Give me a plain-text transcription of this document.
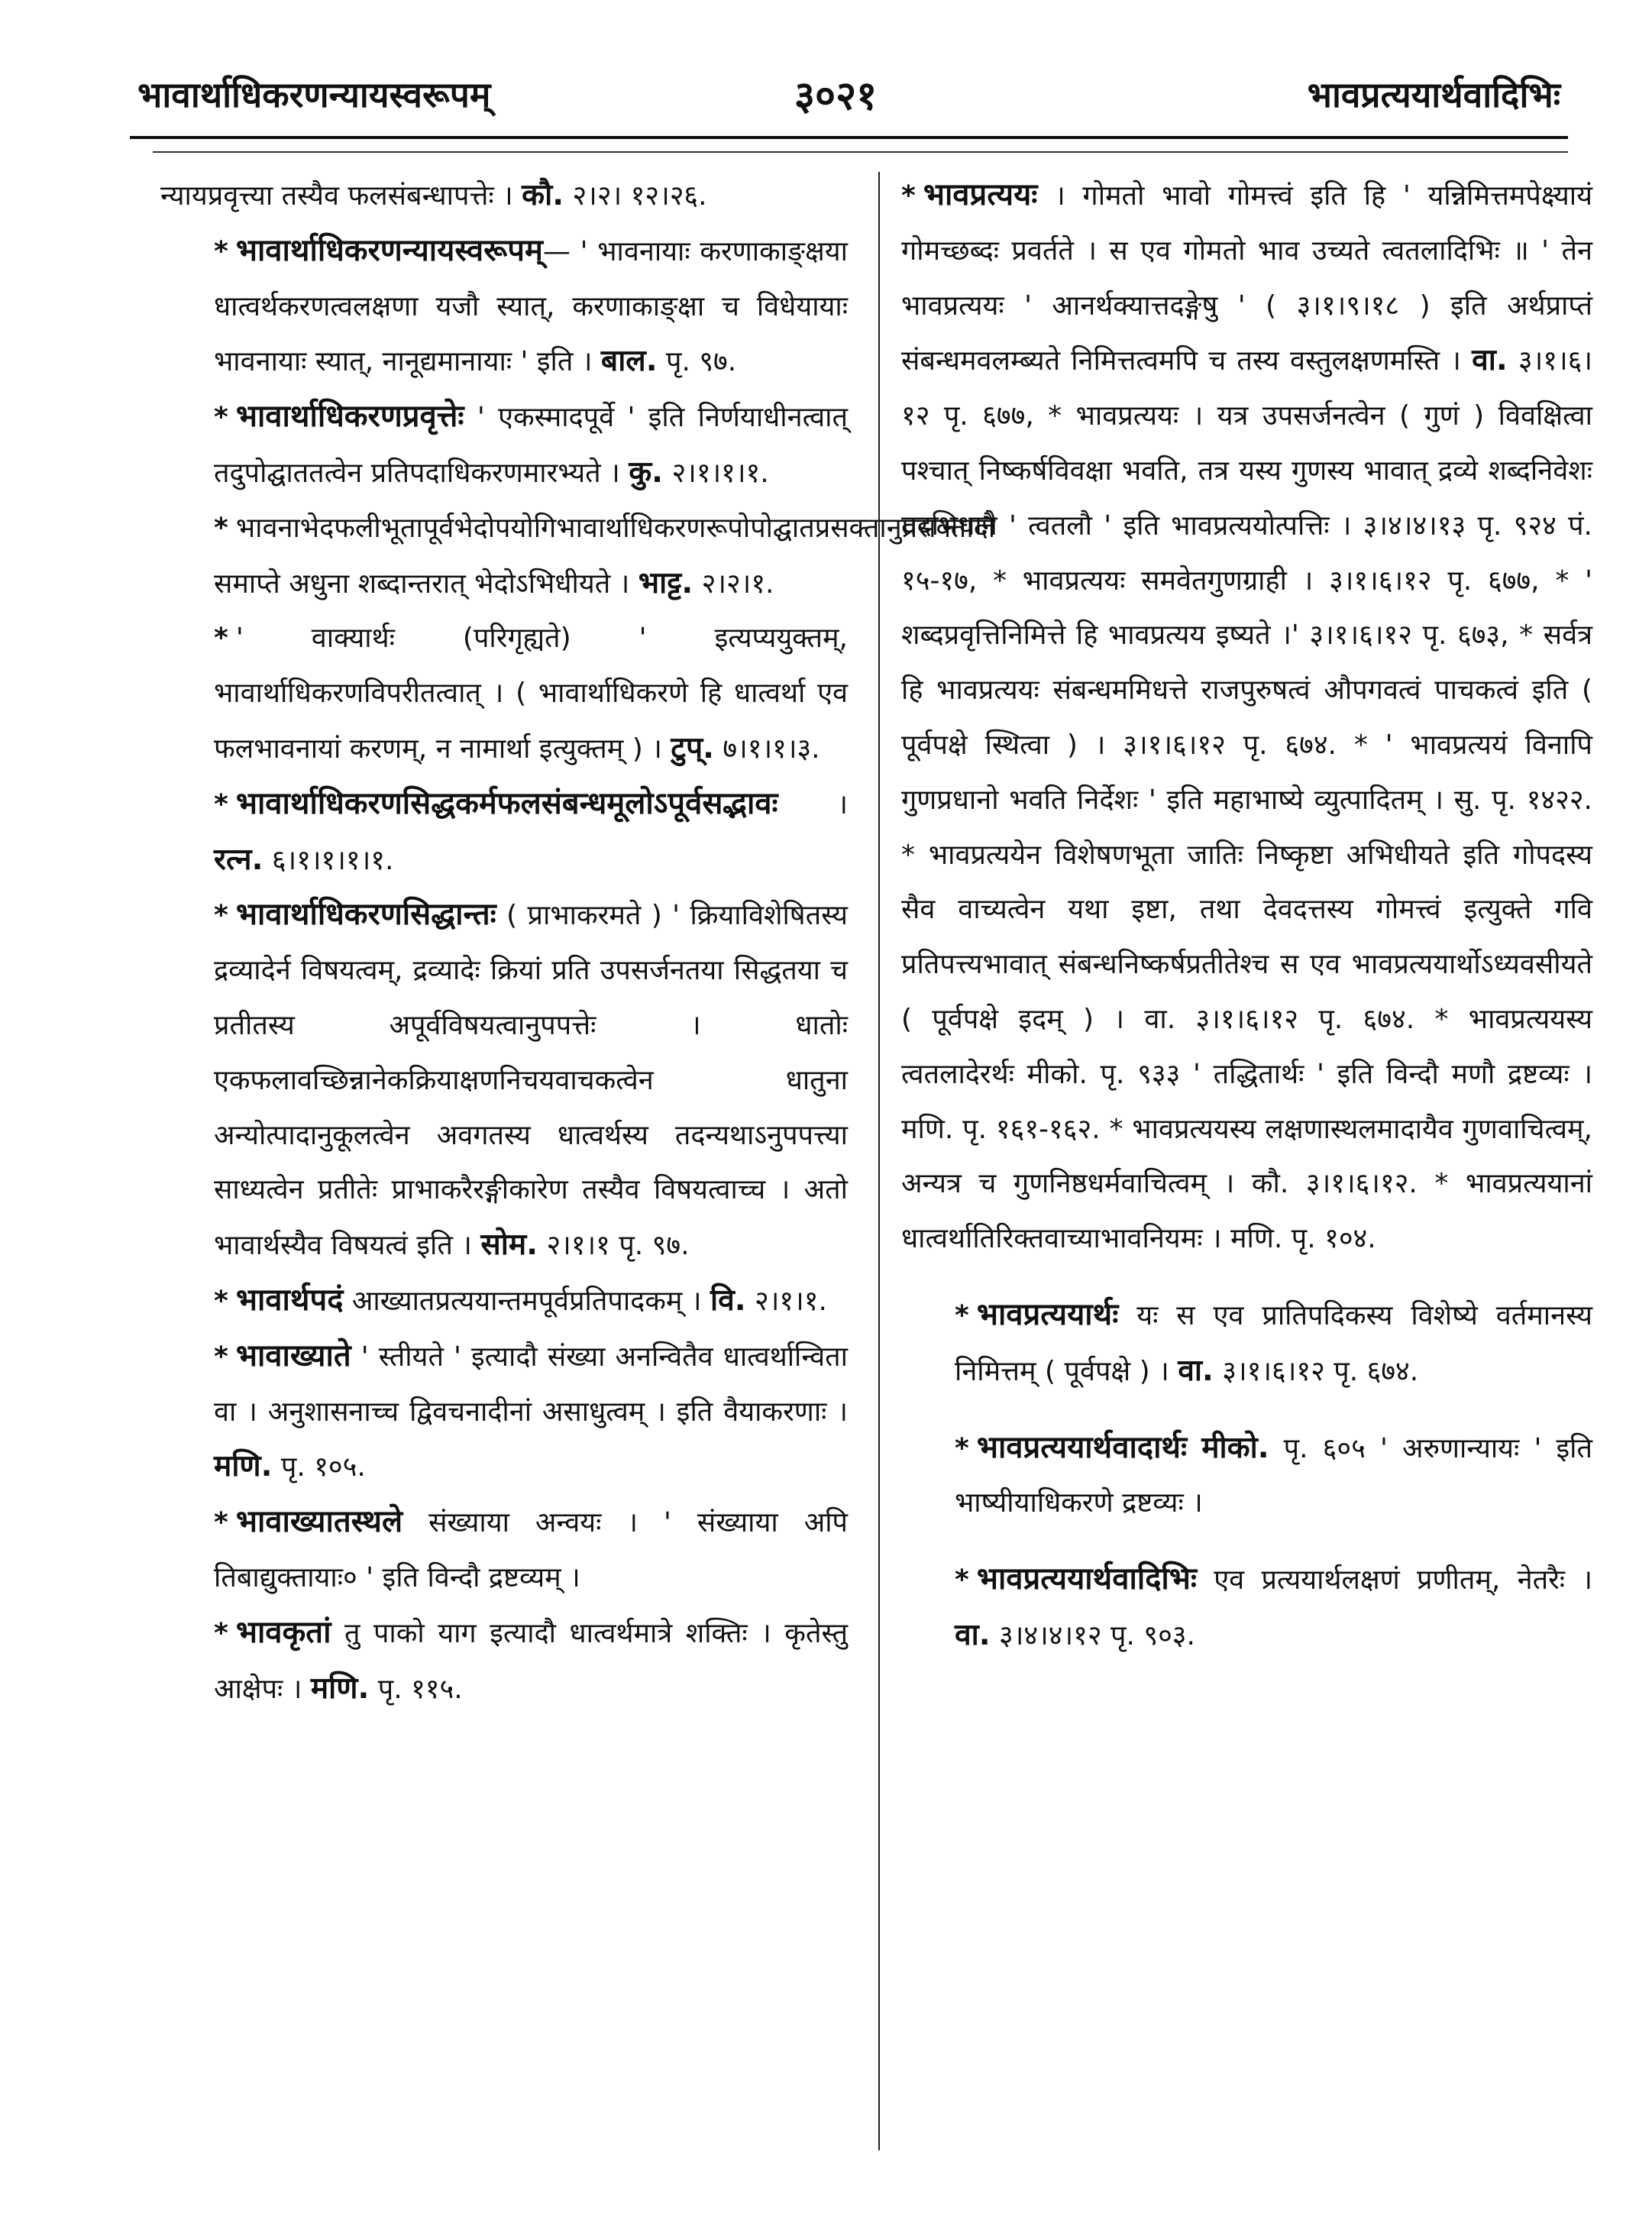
भावार्थाधिकरणन्यायस्वरूपम्	३०२१	भावप्रत्ययार्थवादिभिः

न्यायप्रवृत्त्या तस्यैव फलसंबन्धापत्तेः । कौ. २।२। १२।२६.

* भावार्थाधिकरणन्यायस्वरूपम्— ' भावनायाः करणाकाङ्क्षया धात्वर्थकरणत्वलक्षणा यजौ स्यात्, करणाकाङ्क्षा च विधेयायाः भावनायाः स्यात्, नानूद्यमानायाः ' इति । बाल. पृ. ९७.

* भावार्थाधिकरणप्रवृत्तेः ' एकस्मादपूर्वे ' इति निर्णयाधीनत्वात् तदुपोद्घाततत्वेन प्रतिपदाधिकरणमारभ्यते । कु. २।१।१।१.

* भावनाभेदफलीभूतापूर्वभेदोपयोगिभावार्थाधिकरणरूपोपोद्घातप्रसक्तानुप्रसक्तादौ समाप्ते अधुना शब्दान्तरात् भेदोऽभिधीयते । भाट्ट. २।२।१.

* ' वाक्यार्थः (परिगृह्यते) ' इत्यप्ययुक्तम्, भावार्थाधिकरणविपरीतत्वात् । ( भावार्थाधिकरणे हि धात्वर्था एव फलभावनायां करणम्, न नामार्था इत्युक्तम् ) । टुप्. ७।१।१।३.

* भावार्थाधिकरणसिद्धकर्मफलसंबन्धमूलोऽपूर्वसद्भावः । रत्न. ६।१।१।१।१.

* भावार्थाधिकरणसिद्धान्तः ( प्राभाकरमते ) ' क्रियाविशेषितस्य द्रव्यादेर्न विषयत्वम्, द्रव्यादेः क्रियां प्रति उपसर्जनतया सिद्धतया च प्रतीतस्य अपूर्वविषयत्वानुपपत्तेः । धातोः एकफलावच्छिन्नानेकक्रियाक्षणनिचयवाचकत्वेन धातुना अन्योत्पादानुकूलत्वेन अवगतस्य धात्वर्थस्य तदन्यथाऽनुपपत्त्या साध्यत्वेन प्रतीतेः प्राभाकरैरङ्गीकारेण तस्यैव विषयत्वाच्च । अतो भावार्थस्यैव विषयत्वं इति । सोम. २।१।१ पृ. ९७.

* भावार्थपदं आख्यातप्रत्ययान्तमपूर्वप्रतिपादकम् । वि. २।१।१.

* भावाख्याते ' स्तीयते ' इत्यादौ संख्या अनन्वितैव धात्वर्थान्विता वा । अनुशासनाच्च द्विवचनादीनां असाधुत्वम् । इति वैयाकरणाः । मणि. पृ. १०५.

* भावाख्यातस्थले संख्याया अन्वयः । ' संख्याया अपि तिबाद्युक्तायाः० ' इति विन्दौ द्रष्टव्यम् ।

* भावकृतां तु पाको याग इत्यादौ धात्वर्थमात्रे शक्तिः । कृतेस्तु आक्षेपः । मणि. पृ. ११५.

* भावप्रत्ययः । गोमतो भावो गोमत्त्वं इति हि ' यन्निमित्तमपेक्ष्यायं गोमच्छब्दः प्रवर्तते । स एव गोमतो भाव उच्यते त्वतलादिभिः ॥ ' तेन भावप्रत्ययः ' आनर्थक्यात्तदङ्गेषु ' ( ३।१।९।१८ ) इति अर्थप्राप्तं संबन्धमवलम्ब्यते निमित्तत्वमपि च तस्य वस्तुलक्षणमस्ति । वा. ३।१।६।१२ पृ. ६७७, * भावप्रत्ययः । यत्र उपसर्जनत्वेन ( गुणं ) विवक्षित्वा पश्चात् निष्कर्षविवक्षा भवति, तत्र यस्य गुणस्य भावात् द्रव्ये शब्दनिवेशः तदभिधाने ' त्वतलौ ' इति भावप्रत्ययोत्पत्तिः । ३।४।४।१३ पृ. ९२४ पं. १५-१७, * भावप्रत्ययः समवेतगुणग्राही । ३।१।६।१२ पृ. ६७७, * ' शब्दप्रवृत्तिनिमित्ते हि भावप्रत्यय इष्यते ।' ३।१।६।१२ पृ. ६७३, * सर्वत्र हि भावप्रत्ययः संबन्धममिधत्ते राजपुरुषत्वं औपगवत्वं पाचकत्वं इति ( पूर्वपक्षे स्थित्वा ) । ३।१।६।१२ पृ. ६७४. * ' भावप्रत्ययं विनापि गुणप्रधानो भवति निर्देशः ' इति महाभाष्ये व्युत्पादितम् । सु. पृ. १४२२. * भावप्रत्ययेन विशेषणभूता जातिः निष्कृष्टा अभिधीयते इति गोपदस्य सैव वाच्यत्वेन यथा इष्टा, तथा देवदत्तस्य गोमत्त्वं इत्युक्ते गवि प्रतिपत्त्यभावात् संबन्धनिष्कर्षप्रतीतेश्च स एव भावप्रत्ययार्थोऽध्यवसीयते ( पूर्वपक्षे इदम् ) । वा. ३।१।६।१२ पृ. ६७४. * भावप्रत्ययस्य त्वतलादेरर्थः मीको. पृ. ९३३ ' तद्धितार्थः ' इति विन्दौ मणौ द्रष्टव्यः । मणि. पृ. १६१-१६२. * भावप्रत्ययस्य लक्षणास्थलमादायैव गुणवाचित्वम्, अन्यत्र च गुणनिष्ठधर्मवाचित्वम् । कौ. ३।१।६।१२. * भावप्रत्ययानां धात्वर्थातिरिक्तवाच्याभावनियमः । मणि. पृ. १०४.

* भावप्रत्ययार्थः यः स एव प्रातिपदिकस्य विशेष्ये वर्तमानस्य निमित्तम् ( पूर्वपक्षे ) । वा. ३।१।६।१२ पृ. ६७४.

* भावप्रत्ययार्थवादार्थः मीको. पृ. ६०५ ' अरुणान्यायः ' इति भाष्यीयाधिकरणे द्रष्टव्यः ।

* भावप्रत्ययार्थवादिभिः एव प्रत्ययार्थलक्षणं प्रणीतम्, नेतरैः । वा. ३।४।४।१२ पृ. ९०३.
